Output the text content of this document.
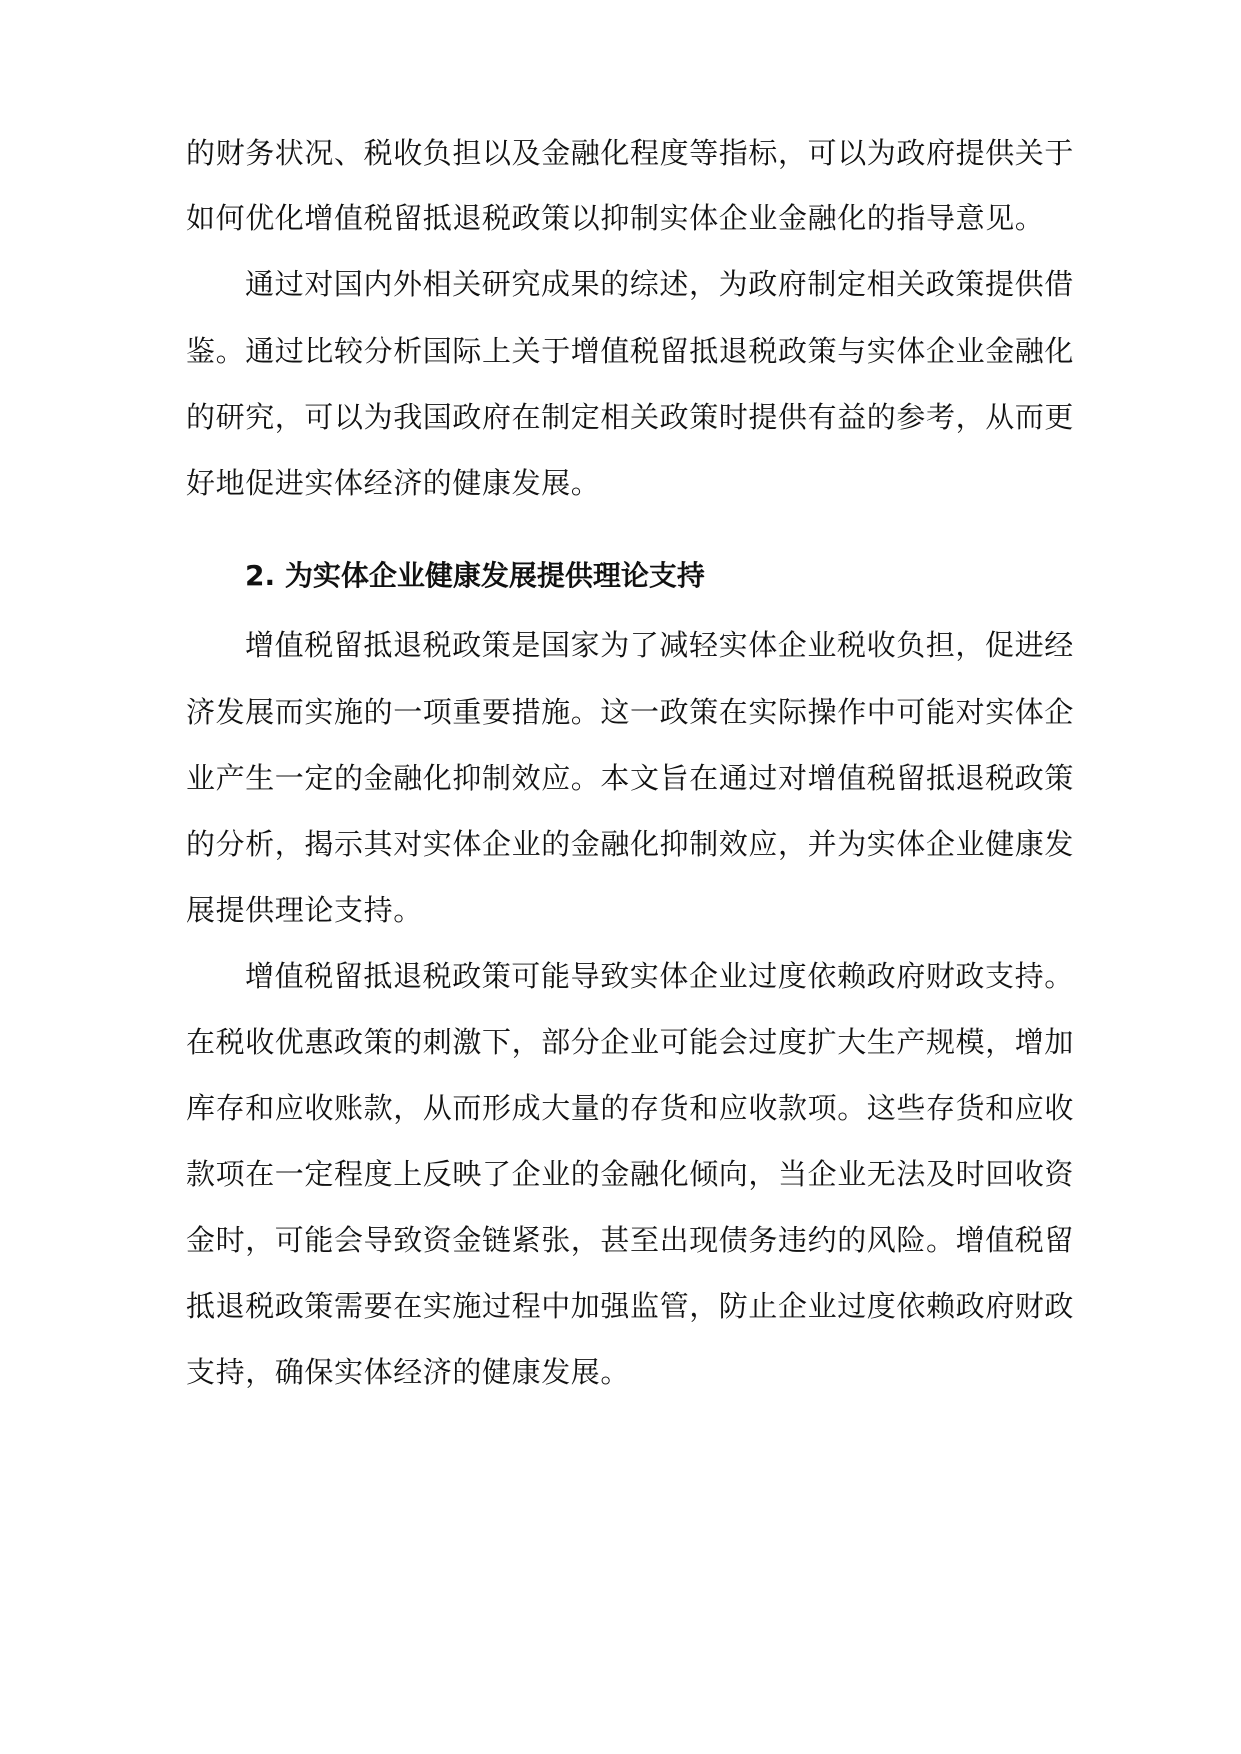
的财务状况、税收负担以及金融化程度等指标，可以为政府提供关于
如何优化增值税留抵退税政策以抑制实体企业金融化的指导意见。
通过对国内外相关研究成果的综述，为政府制定相关政策提供借
鉴。通过比较分析国际上关于增值税留抵退税政策与实体企业金融化
的研究，可以为我国政府在制定相关政策时提供有益的参考，从而更
好地促进实体经济的健康发展。
2. 为实体企业健康发展提供理论支持
增值税留抵退税政策是国家为了减轻实体企业税收负担，促进经
济发展而实施的一项重要措施。这一政策在实际操作中可能对实体企
业产生一定的金融化抑制效应。本文旨在通过对增值税留抵退税政策
的分析，揭示其对实体企业的金融化抑制效应，并为实体企业健康发
展提供理论支持。
增值税留抵退税政策可能导致实体企业过度依赖政府财政支持。
在税收优惠政策的刺激下，部分企业可能会过度扩大生产规模，增加
库存和应收账款，从而形成大量的存货和应收款项。这些存货和应收
款项在一定程度上反映了企业的金融化倾向，当企业无法及时回收资
金时，可能会导致资金链紧张，甚至出现债务违约的风险。增值税留
抵退税政策需要在实施过程中加强监管，防止企业过度依赖政府财政
支持，确保实体经济的健康发展。
